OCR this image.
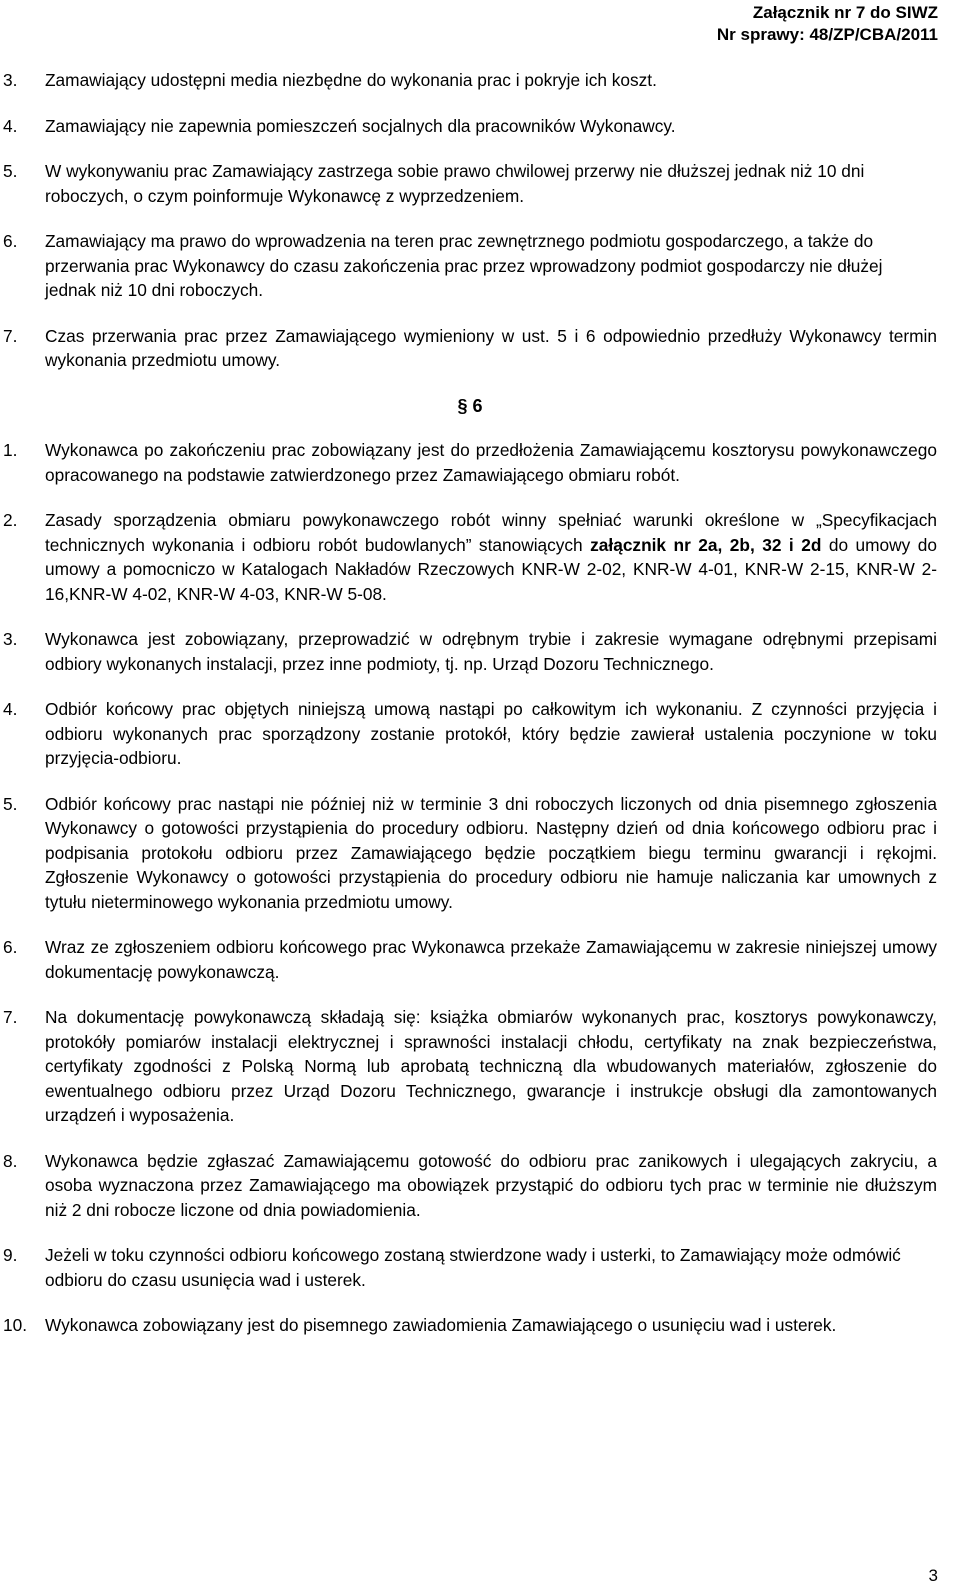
Załącznik nr 7 do SIWZ
Nr sprawy: 48/ZP/CBA/2011
3. Zamawiający udostępni media niezbędne do wykonania prac i pokryje ich koszt.
4. Zamawiający nie zapewnia pomieszczeń socjalnych dla pracowników Wykonawcy.
5. W wykonywaniu prac Zamawiający zastrzega sobie prawo chwilowej przerwy nie dłuższej jednak niż 10 dni roboczych, o czym poinformuje Wykonawcę z wyprzedzeniem.
6. Zamawiający ma prawo do wprowadzenia na teren prac zewnętrznego podmiotu gospodarczego, a także do przerwania prac Wykonawcy do czasu zakończenia prac przez wprowadzony podmiot gospodarczy nie dłużej jednak niż 10 dni roboczych.
7. Czas przerwania prac przez Zamawiającego wymieniony w ust. 5 i 6 odpowiednio przedłuży Wykonawcy termin wykonania przedmiotu umowy.
§ 6
1. Wykonawca po zakończeniu prac zobowiązany jest do przedłożenia Zamawiającemu kosztorysu powykonawczego opracowanego na podstawie zatwierdzonego przez Zamawiającego obmiaru robót.
2. Zasady sporządzenia obmiaru powykonawczego robót winny spełniać warunki określone w „Specyfikacjach technicznych wykonania i odbioru robót budowlanych” stanowiących załącznik nr 2a, 2b, 32 i 2d do umowy do umowy a pomocniczo w Katalogach Nakładów Rzeczowych KNR-W 2-02, KNR-W 4-01, KNR-W 2-15, KNR-W 2-16,KNR-W 4-02, KNR-W 4-03, KNR-W 5-08.
3. Wykonawca jest zobowiązany, przeprowadzić w odrębnym trybie i zakresie wymagane odrębnymi przepisami odbiory wykonanych instalacji, przez inne podmioty, tj. np. Urząd Dozoru Technicznego.
4. Odbiór końcowy prac objętych niniejszą umową nastąpi po całkowitym ich wykonaniu. Z czynności przyjęcia i odbioru wykonanych prac sporządzony zostanie protokół, który będzie zawierał ustalenia poczynione w toku przyjęcia-odbioru.
5. Odbiór końcowy prac nastąpi nie później niż w terminie 3 dni roboczych liczonych od dnia pisemnego zgłoszenia Wykonawcy o gotowości przystąpienia do procedury odbioru. Następny dzień od dnia końcowego odbioru prac i podpisania protokołu odbioru przez Zamawiającego będzie początkiem biegu terminu gwarancji i rękojmi. Zgłoszenie Wykonawcy o gotowości przystąpienia do procedury odbioru nie hamuje naliczania kar umownych z tytułu nieterminowego wykonania przedmiotu umowy.
6. Wraz ze zgłoszeniem odbioru końcowego prac Wykonawca przekaże Zamawiającemu w zakresie niniejszej umowy dokumentację powykonawczą.
7. Na dokumentację powykonawczą składają się: książka obmiarów wykonanych prac, kosztorys powykonawczy, protokóły pomiarów instalacji elektrycznej i sprawności instalacji chłodu, certyfikaty na znak bezpieczeństwa, certyfikaty zgodności z Polską Normą lub aprobatą techniczną dla wbudowanych materiałów, zgłoszenie do ewentualnego odbioru przez Urząd Dozoru Technicznego, gwarancje i instrukcje obsługi dla zamontowanych urządzeń i wyposażenia.
8. Wykonawca będzie zgłaszać Zamawiającemu gotowość do odbioru prac zanikowych i ulegających zakryciu, a osoba wyznaczona przez Zamawiającego ma obowiązek przystąpić do odbioru tych prac w terminie nie dłuższym niż 2 dni robocze liczone od dnia powiadomienia.
9. Jeżeli w toku czynności odbioru końcowego zostaną stwierdzone wady i usterki, to Zamawiający może odmówić odbioru do czasu usunięcia wad i usterek.
10. Wykonawca zobowiązany jest do pisemnego zawiadomienia Zamawiającego o usunięciu wad i usterek.
3
